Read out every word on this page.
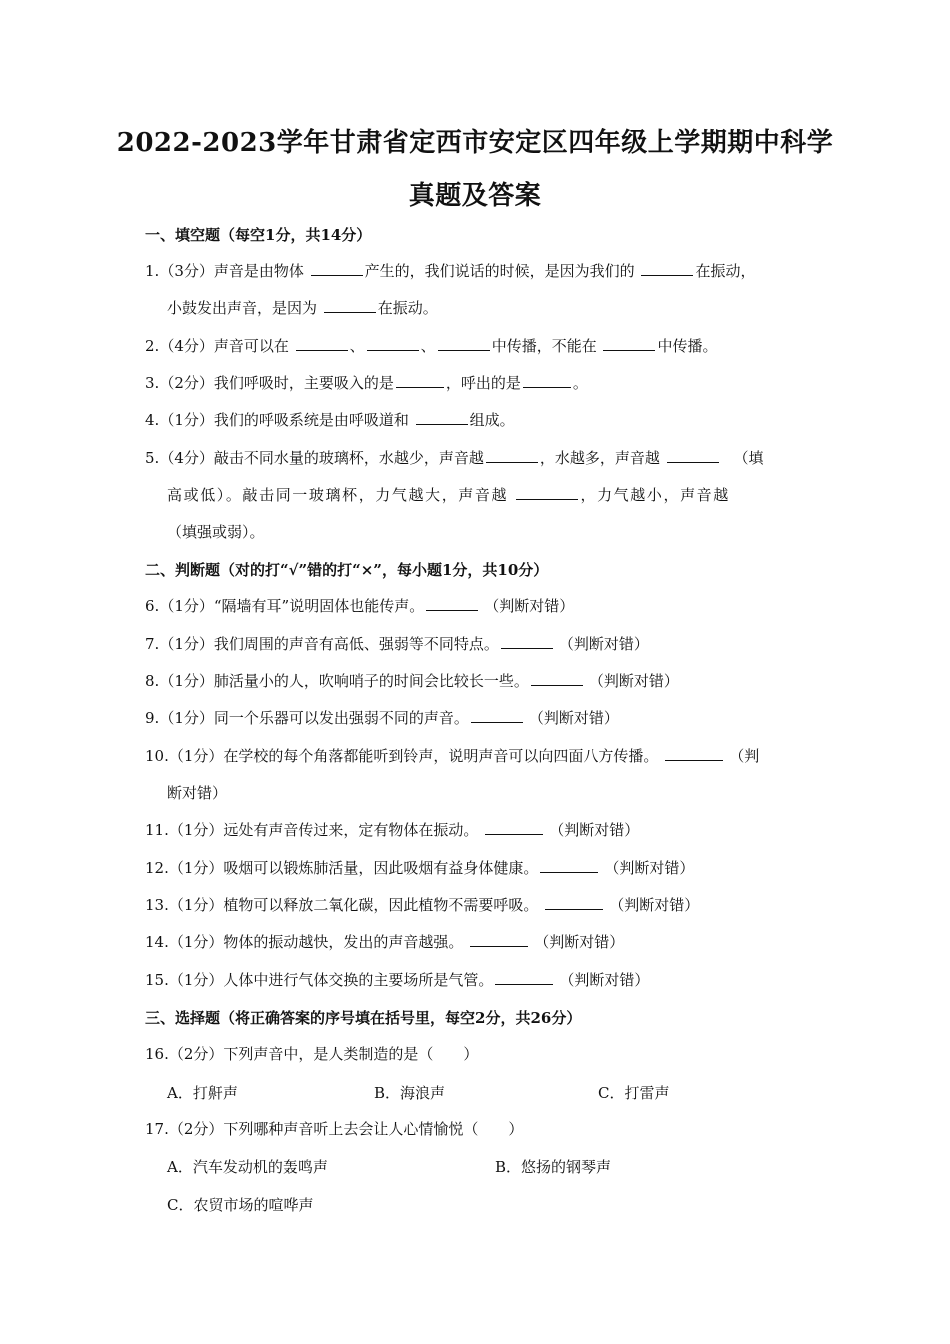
2022-2023学年甘肃省定西市安定区四年级上学期期中科学
真题及答案
一、填空题（每空1分，共14分）
1.（3分）声音是由物体	产生的，我们说话的时候，是因为我们的	在振动，
小鼓发出声音，是因为	在振动。
2.（4分）声音可以在	、	、	中传播，不能在	中传播。
3.（2分）我们呼吸时，主要吸入的是	，呼出的是	。
4.（1分）我们的呼吸系统是由呼吸道和	组成。
5.（4分）敲击不同水量的玻璃杯，水越少，声音越	，水越多，声音越	（填
高或低）。敲击同一玻璃杯，力气越大，声音越	，力气越小，声音越
（填强或弱）。
二、判断题（对的打“√”错的打“×”，每小题1分，共10分）
6.（1分）“隔墙有耳”说明固体也能传声。	（判断对错）
7.（1分）我们周围的声音有高低、强弱等不同特点。	（判断对错）
8.（1分）肺活量小的人，吹响哨子的时间会比较长一些。	（判断对错）
9.（1分）同一个乐器可以发出强弱不同的声音。	（判断对错）
10.（1分）在学校的每个角落都能听到铃声，说明声音可以向四面八方传播。	（判
断对错）
11.（1分）远处有声音传过来，定有物体在振动。	（判断对错）
12.（1分）吸烟可以锻炼肺活量，因此吸烟有益身体健康。	（判断对错）
13.（1分）植物可以释放二氧化碳，因此植物不需要呼吸。	（判断对错）
14.（1分）物体的振动越快，发出的声音越强。	（判断对错）
15.（1分）人体中进行气体交换的主要场所是气管。	（判断对错）
三、选择题（将正确答案的序号填在括号里，每空2分，共26分）
16.（2分）下列声音中，是人类制造的是（　　）
A．打鼾声	B．海浪声	C．打雷声
17.（2分）下列哪种声音听上去会让人心情愉悦（　　）
A．汽车发动机的轰鸣声	B．悠扬的钢琴声
C．农贸市场的喧哗声
